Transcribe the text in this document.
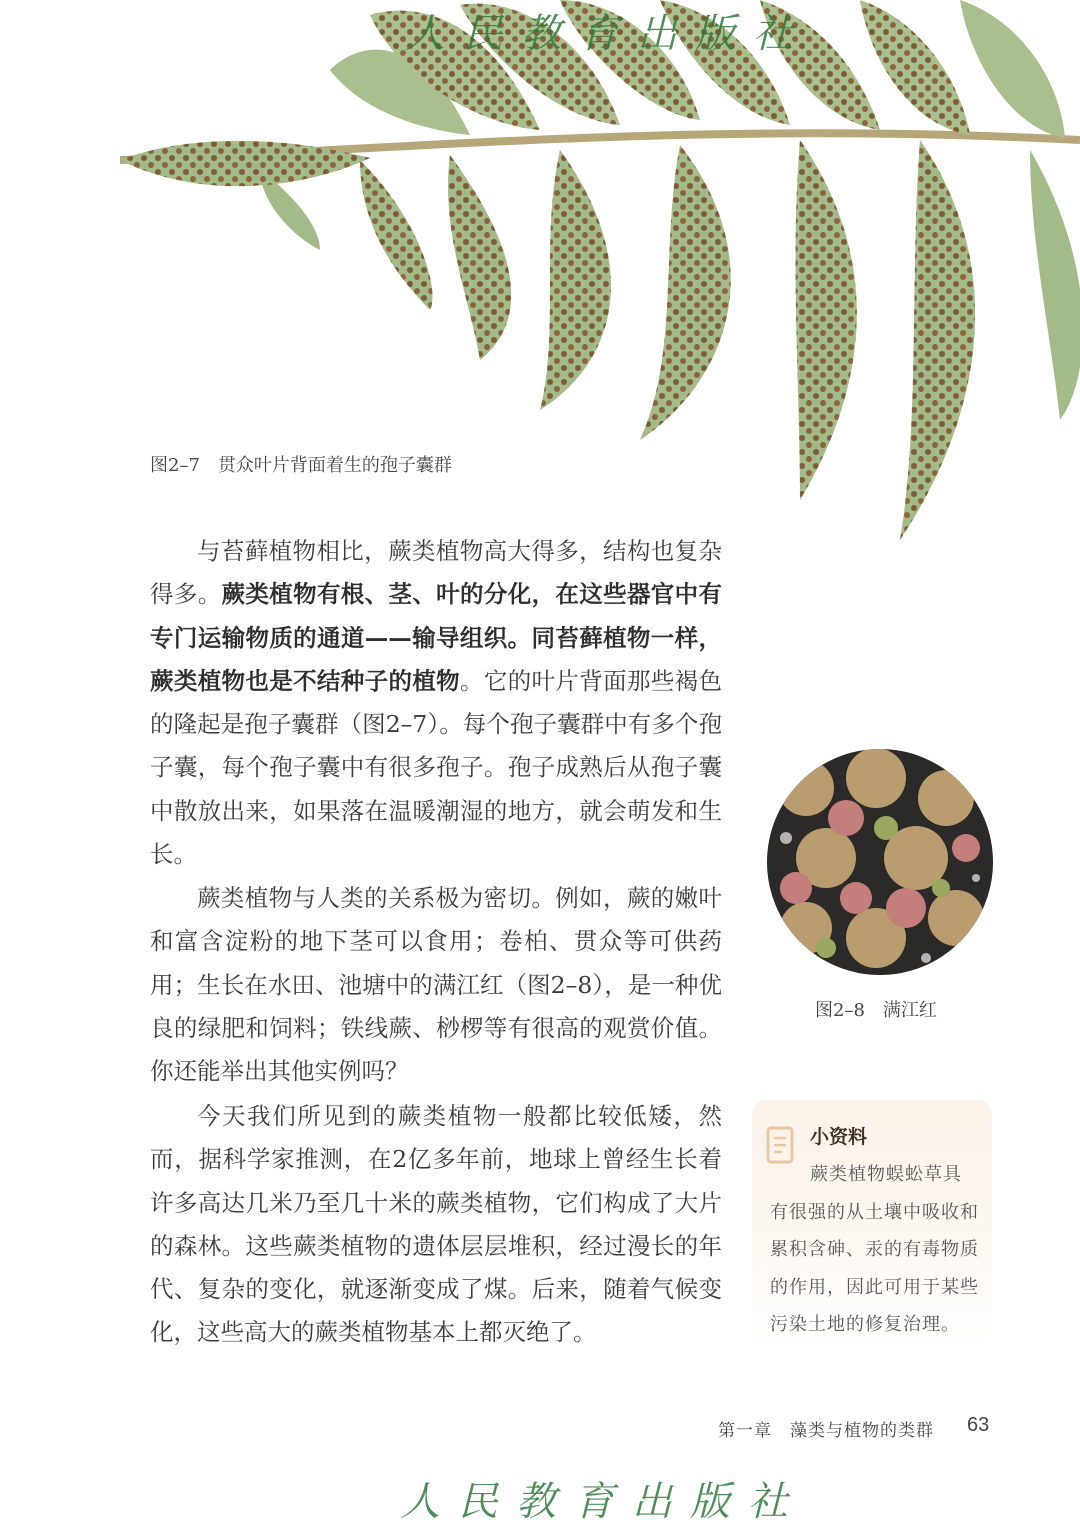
人民教育出版社
图2–7　贯众叶片背面着生的孢子囊群

与苔藓植物相比，蕨类植物高大得多，结构也复杂得多。蕨类植物有根、茎、叶的分化，在这些器官中有专门运输物质的通道——输导组织。同苔藓植物一样，蕨类植物也是不结种子的植物。它的叶片背面那些褐色的隆起是孢子囊群（图2–7）。每个孢子囊群中有多个孢子囊，每个孢子囊中有很多孢子。孢子成熟后从孢子囊中散放出来，如果落在温暖潮湿的地方，就会萌发和生长。

蕨类植物与人类的关系极为密切。例如，蕨的嫩叶和富含淀粉的地下茎可以食用；卷柏、贯众等可供药用；生长在水田、池塘中的满江红（图2–8），是一种优良的绿肥和饲料；铁线蕨、桫椤等有很高的观赏价值。你还能举出其他实例吗？

今天我们所见到的蕨类植物一般都比较低矮，然而，据科学家推测，在2亿多年前，地球上曾经生长着许多高达几米乃至几十米的蕨类植物，它们构成了大片的森林。这些蕨类植物的遗体层层堆积，经过漫长的年代、复杂的变化，就逐渐变成了煤。后来，随着气候变化，这些高大的蕨类植物基本上都灭绝了。

图2–8　满江红
小资料
蕨类植物蜈蚣草具有很强的从土壤中吸收和累积含砷、汞的有毒物质的作用，因此可用于某些污染土地的修复治理。
第一章　藻类与植物的类群 63
人民教育出版社
